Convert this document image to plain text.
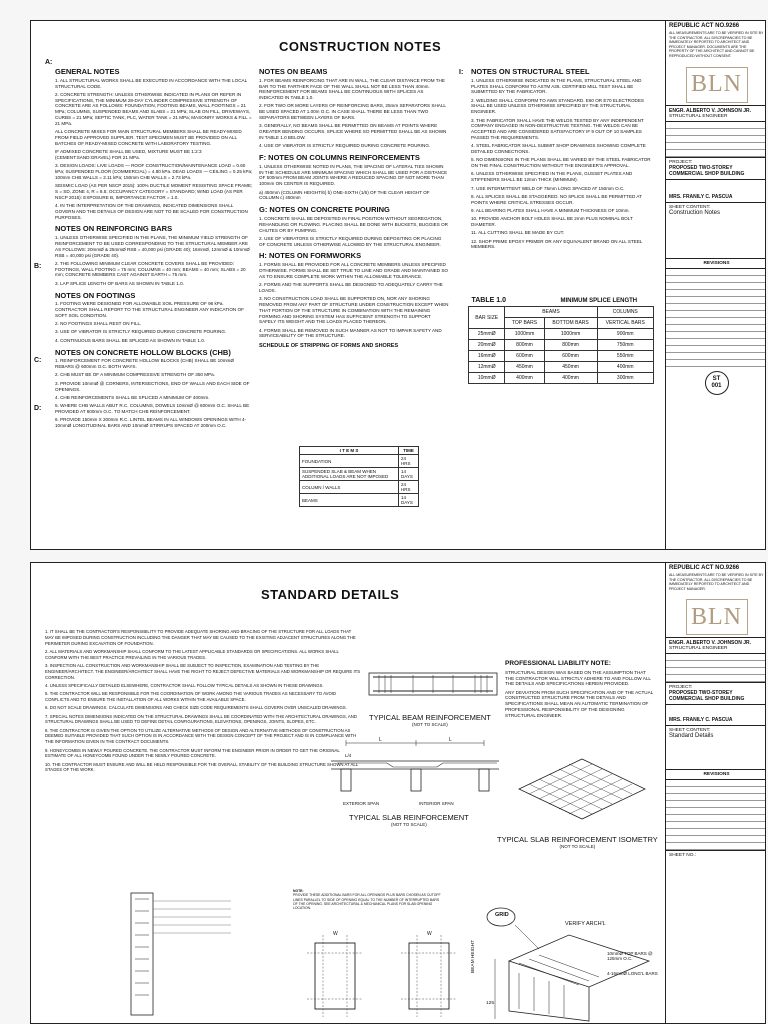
CONSTRUCTION NOTES
A:
B:
C:
D:
I:
GENERAL NOTES

1. ALL STRUCTURAL WORKS SHALL BE EXECUTED IN ACCORDANCE WITH THE LOCAL STRUCTURAL CODE.

2. CONCRETE STRENGTH: UNLESS OTHERWISE INDICATED IN PLANS OR REFER IN SPECIFICATIONS, THE MINIMUM 28-DAY CYLINDER COMPRESSIVE STRENGTH OF CONCRETE ARE AS FOLLOWS: FOUNDATION, FOOTING BEAMS, WALL FOOTINGS = 21 MPa; COLUMNS, SUSPENDED BEAMS AND SLABS = 21 MPa; SLAB ON FILL, DRIVEWAYS, CURBS = 21 MPa; SEPTIC TANK, PLC, WATER TANK = 21 MPa; MASONRY WORKS & FILL = 21 MPa.

ALL CONCRETE MIXES FOR MAIN STRUCTURAL MEMBERS SHALL BE READY-MIXED FROM FIELD APPROVED SUPPLIER. TEST SPECIMEN MUST BE PROVIDED ON ALL BATCHES OF READY-MIXED CONCRETE WITH LABORATORY TESTING.

IF ADMIXED CONCRETE SHALL BE USED, MIXTURE MUST BE 1:2:3 (CEMENT:SAND:GRAVEL) FOR 21 MPa.

3. DESIGN LOADS: LIVE LOADS — ROOF CONSTRUCTION/MAINTENANCE LOAD = 0.60 kPa; SUSPENDED FLOOR (COMMERCIAL) = 4.80 kPa. DEAD LOADS — CEILING = 0.25 kPa; 100mm CHB WALLS = 2.11 kPa; 150mm CHB WALLS = 2.73 kPa.

SEISMIC LOAD (AS PER NSCP 2015): 100% DUCTILE MOMENT RESISTING SPACE FRAME; S = SD, ZONE 4, R = 8.5; OCCUPANCY CATEGORY = STANDARD; WIND LOAD (AS PER NSCP 2015): EXPOSURE B, IMPORTANCE FACTOR = 1.0.

4. IN THE INTERPRETATION OF THE DRAWINGS, INDICATED DIMENSIONS SHALL GOVERN AND THE DETAILS OF DESIGN ARE NOT TO BE SCALED FOR CONSTRUCTION PURPOSES.

NOTES ON REINFORCING BARS

1. UNLESS OTHERWISE SPECIFIED IN THE PLANS, THE MINIMUM YIELD STRENGTH OF REINFORCEMENT TO BE USED CORRESPONDING TO THE STRUCTURAL MEMBER ARE AS FOLLOWS: 20mmØ & 25mmØ RSB = 40,000 psi (GRADE 40); 16mmØ, 12mmØ & 10mmØ RSB = 40,000 psi (GRADE 40).

2. THE FOLLOWING MINIMUM CLEAR CONCRETE COVERS SHALL BE PROVIDED: FOOTINGS, WALL FOOTING = 75 mm; COLUMNS = 40 mm; BEAMS = 40 mm; SLABS = 20 mm; CONCRETE MEMBERS CAST AGAINST EARTH = 75 mm.

3. LAP SPLICE LENGTH OF BARS AS SHOWN IN TABLE 1.0.

NOTES ON FOOTINGS

1. FOOTING WERE DESIGNED FOR ALLOWABLE SOIL PRESSURE OF 96 kPa. CONTRACTOR SHALL REPORT TO THE STRUCTURAL ENGINEER ANY INDICATION OF SOFT SOIL CONDITION.

2. NO FOOTINGS SHALL REST ON FILL.

3. USE OF VIBRATOR IS STRICTLY REQUIRED DURING CONCRETE POURING.

4. CONTINUOUS BARS SHALL BE SPLICED AS SHOWN IN TABLE 1.0.

NOTES ON CONCRETE HOLLOW BLOCKS (CHB)

1. REINFORCEMENT FOR CONCRETE HOLLOW BLOCKS (CHB) SHALL BE 10mmØ REBARS @ 600mm O.C. BOTH WAYS.

2. CHB MUST BE OF A MINIMUM COMPRESSIVE STRENGTH OF 350 MPa.

3. PROVIDE 10mmØ @ CORNERS, INTERSECTIONS, END OF WALLS AND EACH SIDE OF OPENINGS.

4. CHB REINFORCEMENTS SHALL BE SPLICED A MINIMUM OF 400mm.

5. WHERE CHB WALLS ABUT R.C. COLUMNS, DOWELS 10mmØ @ 600mm O.C. SHALL BE PROVIDED AT 600mm O.C. TO MATCH CHB REINFORCEMENT.

6. PROVIDE 150mm X 200mm R.C. LINTEL BEAMS IN ALL WINDOWS OPENINGS WITH 4-10mmØ LONGITUDINAL BARS AND 10mmØ STIRRUPS SPACED AT 200mm O.C.

NOTES ON BEAMS

1. FOR BEAMS REINFORCING THAT ARE IN WALL, THE CLEAR DISTANCE FROM THE BAR TO THE FARTHER FACE OF THE WALL SHALL NOT BE LESS THAN 40mm. REINFORCEMENT FOR BEAMS SHALL BE CONTINUOUS WITH SPLICES AS INDICATED IN TABLE 1.0.

2. FOR TWO OR MORE LAYERS OF REINFORCING BARS, 25mm SEPARATORS SHALL BE USED SPACED AT 1.00m O.C. IN CASE SHALL THERE BE LESS THAN TWO SEPARATORS BETWEEN LAYERS OF BARS.

3. GENERALLY, NO BEAMS SHALL BE PERMITTED ON BEAMS AT POINTS WHERE GREATER BENDING OCCURS. SPLICE WHERE SO PERMITTED SHALL BE AS SHOWN IN TABLE 1.0 BELOW.

4. USE OF VIBRATOR IS STRICTLY REQUIRED DURING CONCRETE POURING.

F: NOTES ON COLUMNS REINFORCEMENTS

1. UNLESS OTHERWISE NOTED IN PLANS, THE SPACING OF LATERAL TIES SHOWN IN THE SCHEDULE ARE MINIMUM SPACING WHICH SHALL BE USED FOR A DISTANCE OF 500mm FROM BEAM JOINTS WHERE A REDUCED SPACING OF NOT MORE THAN 100mm ON CENTER IS REQUIRED.

a) 450mm (COLUMN HEIGHT/6) b) ONE-SIXTH (1/6) OF THE CLEAR HEIGHT OF COLUMN c) 450mm

G: NOTES ON CONCRETE POURING

1. CONCRETE SHALL BE DEPOSITED IN FINAL POSITION WITHOUT SEGREGATION, REHANDLING OR FLOWING. PLACING SHALL BE DONE WITH BUCKETS, BUGGIES OR CHUTES OR BY PUMPING.

2. USE OF VIBRATORS IS STRICTLY REQUIRED DURING DEPOSITING OR PLACING OF CONCRETE UNLESS OTHERWISE ALLOWED BY THE STRUCTURAL ENGINEER.

H: NOTES ON FORMWORKS

1. FORMS SHALL BE PROVIDED FOR ALL CONCRETE MEMBERS UNLESS SPECIFIED OTHERWISE. FORMS SHALL BE SET TRUE TO LINE AND GRADE AND MAINTAINED SO AS TO ENSURE COMPLETE WORK WITHIN THE ALLOWABLE TOLERANCE.

2. FORMS AND THE SUPPORTS SHALL BE DESIGNED TO ADEQUATELY CARRY THE LOADS.

3. NO CONSTRUCTION LOAD SHALL BE SUPPORTED ON, NOR ANY SHORING REMOVED FROM ANY PART OF STRUCTURE UNDER CONSTRUCTION EXCEPT WHEN THAT PORTION OF THE STRUCTURE IN COMBINATION WITH THE REMAINING FORMING AND SHORING SYSTEM HAS SUFFICIENT STRENGTH TO SUPPORT SAFELY ITS WEIGHT AND THE LOADS PLACED THEREON.

4. FORMS SHALL BE REMOVED IN SUCH MANNER AS NOT TO IMPAIR SAFETY AND SERVICEABILITY OF THE STRUCTURE.

SCHEDULE OF STRIPPING OF FORMS AND SHORES
I T E M S	TIME
FOUNDATION	24 HRS
SUSPENDED SLAB & BEAM WHEN ADDITIONAL LOADS ARE NOT IMPOSED	14 DAYS
COLUMN / WALLS	24 HRS
BEAMS	14 DAYS
NOTES ON STRUCTURAL STEEL

1. UNLESS OTHERWISE INDICATED IN THE PLANS, STRUCTURAL STEEL AND PLATES SHALL CONFORM TO ASTM A36. CERTIFIED MILL TEST SHALL BE SUBMITTED BY THE FABRICATOR.

2. WELDING SHALL CONFORM TO AWS STANDARD. E60 OR E70 ELECTRODES SHALL BE USED UNLESS OTHERWISE SPECIFIED BY THE STRUCTURAL ENGINEER.

3. THE FABRICATOR SHALL HAVE THE WELDS TESTED BY ANY INDEPENDENT COMPANY ENGAGED IN NON-DESTRUCTIVE TESTING. THE WELDS CAN BE ACCEPTED AND ARE CONSIDERED SATISFACTORY IF 9 OUT OF 10 SAMPLES PASSED THE REQUIREMENTS.

4. STEEL FABRICATOR SHALL SUBMIT SHOP DRAWINGS SHOWING COMPLETE DETAILED CONNECTIONS.

5. NO DIMENSIONS IN THE PLANS SHALL BE VARIED BY THE STEEL FABRICATOR ON THE FINAL CONSTRUCTION WITHOUT THE ENGINEER'S APPROVAL.

6. UNLESS OTHERWISE SPECIFIED IN THE PLANS, GUSSET PLATES AND STIFFENERS SHALL BE 12mm THICK (MINIMUM).

7. USE INTERMITTENT WELD OF 75mm LONG SPACED AT 150mm O.C.

8. ALL SPLICES SHALL BE STAGGERED. NO SPLICE SHALL BE PERMITTED AT POINTS WHERE CRITICAL STRESSES OCCUR.

9. ALL BEARING PLATES SHALL HAVE A MINIMUM THICKNESS OF 10mm.

10. PROVIDE ANCHOR BOLT HOLES SHALL BE 2mm PLUS NOMINAL BOLT DIAMETER.

11. ALL CUTTING SHALL BE MADE BY CUT.

12. SHOP PRIME EPOXY PRIMER OR ANY EQUIVALENT BRAND ON ALL STEEL MEMBERS.

TABLE 1.0		MINIMUM SPLICE LENGTH	
BAR SIZE	BEAMS		COLUMNS
	TOP BARS	BOTTOM BARS	VERTICAL BARS
25mmØ	1000mm	1000mm	900mm
20mmØ	800mm	800mm	750mm
16mmØ	600mm	600mm	550mm
12mmØ	450mm	450mm	400mm
10mmØ	400mm	400mm	300mm
REPUBLIC ACT NO.9266
ALL MEASUREMENTS ARE TO BE VERIFIED IN SITE BY THE CONTRACTOR. ALL DISCREPANCIES TO BE IMMEDIATELY REPORTED TO ARCHITECT AND PROJECT MANAGER. DOCUMENTS ARE THE PROPERTY OF THE ARCHITECT AND CANNOT BE REPRODUCED WITHOUT CONSENT.
BLN
ENGR. ALBERTO V. JOHNSON JR.
STRUCTURAL ENGINEER
PROJECT:
PROPOSED TWO-STOREY COMMERCIAL SHOP BUILDING
MRS. FRANILY C. PASCUA
SHEET CONTENT:
Construction Notes
REVISIONS
ST
001
STANDARD DETAILS

1. IT SHALL BE THE CONTRACTOR'S RESPONSIBILITY TO PROVIDE ADEQUATE SHORING AND BRACING OF THE STRUCTURE FOR ALL LOADS THAT MAY BE IMPOSED DURING CONSTRUCTION INCLUDING THE DANGER THAT MAY BE CAUSED TO THE EXISTING ADJACENT STRUCTURES ALONG THE PERIMETER DURING EXCAVATION OF FOUNDATION.

2. ALL MATERIALS AND WORKMANSHIP SHALL CONFORM TO THE LATEST APPLICABLE STANDARDS OR SPECIFICATIONS. ALL WORKS SHALL CONFORM WITH THE BEST PRACTICE PREVAILING IN THE VARIOUS TRADES.

3. INSPECTION ALL CONSTRUCTION AND WORKMANSHIP SHALL BE SUBJECT TO INSPECTION, EXAMINATION AND TESTING BY THE ENGINEER/ARCHITECT. THE ENGINEER/ARCHITECT SHALL HAVE THE RIGHT TO REJECT DEFECTIVE MATERIALS AND WORKMANSHIP OR REQUIRE ITS CORRECTION.

4. UNLESS SPECIFICALLY DETAILED ELSEWHERE, CONTRACTOR SHALL FOLLOW TYPICAL DETAILS AS SHOWN IN THESE DRAWINGS.

5. THE CONTRACTOR WILL BE RESPONSIBLE FOR THE COORDINATION OF WORK AMONG THE VARIOUS TRADES AS NECESSARY TO AVOID CONFLICTS AND TO ENSURE THE INSTALLATION OF ALL WORKS WITHIN THE AVAILABLE SPACE.

6. DO NOT SCALE DRAWINGS. CALCULATE DIMENSIONS AND CHECK SIZE CODE REQUIREMENTS SHALL GOVERN OVER UNSCALED DRAWINGS.

7. SPECIAL NOTES DIMENSIONS INDICATED ON THE STRUCTURAL DRAWINGS SHALL BE COORDINATED WITH THE ARCHITECTURAL DRAWINGS, AND STRUCTURAL DRAWINGS SHALL BE USED TO DEFINE DETAIL CONFIGURATIONS, ELEVATIONS, OPENINGS, JOINTS, SLOPES, ETC.

8. THE CONTRACTOR IS GIVEN THE OPTION TO UTILIZE ALTERNATIVE METHODS OF DESIGN AND ALTERNATIVE METHODS OF CONSTRUCTION AS DEEMED SUITABLE PROVIDED THAT SUCH OPTION IS IN ACCORDANCE WITH THE DESIGN CONCEPT OF THE PROJECT AND IS IN COMPLIANCE WITH THE INFORMATION GIVEN IN THE CONTRACT DOCUMENTS.

9. HONEYCOMBS IN NEWLY POURED CONCRETE. THE CONTRACTOR MUST INFORM THE ENGINEER PRIOR IN ORDER TO GET THE ORIGINAL ESTIMATE OF ALL HONEYCOMB FOUND UNDER THE NEWLY POURED CONCRETE.

10. THE CONTRACTOR MUST ENSURE AND WILL BE HELD RESPONSIBLE FOR THE OVERALL STABILITY OF THE BUILDING STRUCTURE SHOWN AT ALL STAGES OF THE WORK.

PROFESSIONAL LIABILITY NOTE:

STRUCTURAL DESIGN WAS BASED ON THE ASSUMPTION THAT THE CONTRACTOR WILL STRICTLY ADHERE TO AND FOLLOW ALL THE DETAILS AND SPECIFICATIONS HEREIN PROVIDED.

ANY DEVIATION FROM SUCH SPECIFICATION AND OF THE ACTUAL CONSTRUCTED STRUCTURE FROM THE DETAILS AND SPECIFICATIONS SHALL MEAN AN AUTOMATIC TERMINATION OF PROFESSIONAL RESPONSIBILITY OF THE DESIGNING STRUCTURAL ENGINEER.

TYPICAL BEAM REINFORCEMENT
(NOT TO SCALE)
L	L
L/4
EXTERIOR SPAN	INTERIOR SPAN
TYPICAL SLAB REINFORCEMENT
(NOT TO SCALE)
TYPICAL SLAB REINFORCEMENT ISOMETRY
(NOT TO SCALE)
NOTE:
PROVIDE THESE ADDITIONAL BARS FOR ALL OPENINGS PLUS BARS CHOSEN AS CUTOFF LINES PARALLEL TO SIDE OF OPENING EQUAL TO THE NUMBER OF INTERRUPTED BARS OF THE OPENING. SEE ARCHITECTURAL & MECHANICAL PLANS FOR SLAB OPENING LOCATION.
W	W
GRID
VERIFY ARCH'L
10mmØ TOP BARS @ 125mm O.C.
4-16mmØ LONG'L BARS
BEAM HEIGHT
125
REPUBLIC ACT NO.9266
ALL MEASUREMENTS ARE TO BE VERIFIED IN SITE BY THE CONTRACTOR. ALL DISCREPANCIES TO BE IMMEDIATELY REPORTED TO ARCHITECT AND PROJECT MANAGER.
BLN
ENGR. ALBERTO V. JOHNSON JR.
STRUCTURAL ENGINEER
PROJECT:
PROPOSED TWO-STOREY COMMERCIAL SHOP BUILDING
MRS. FRANILY C. PASCUA
SHEET CONTENT:
Standard Details
REVISIONS
SHEET NO.:
